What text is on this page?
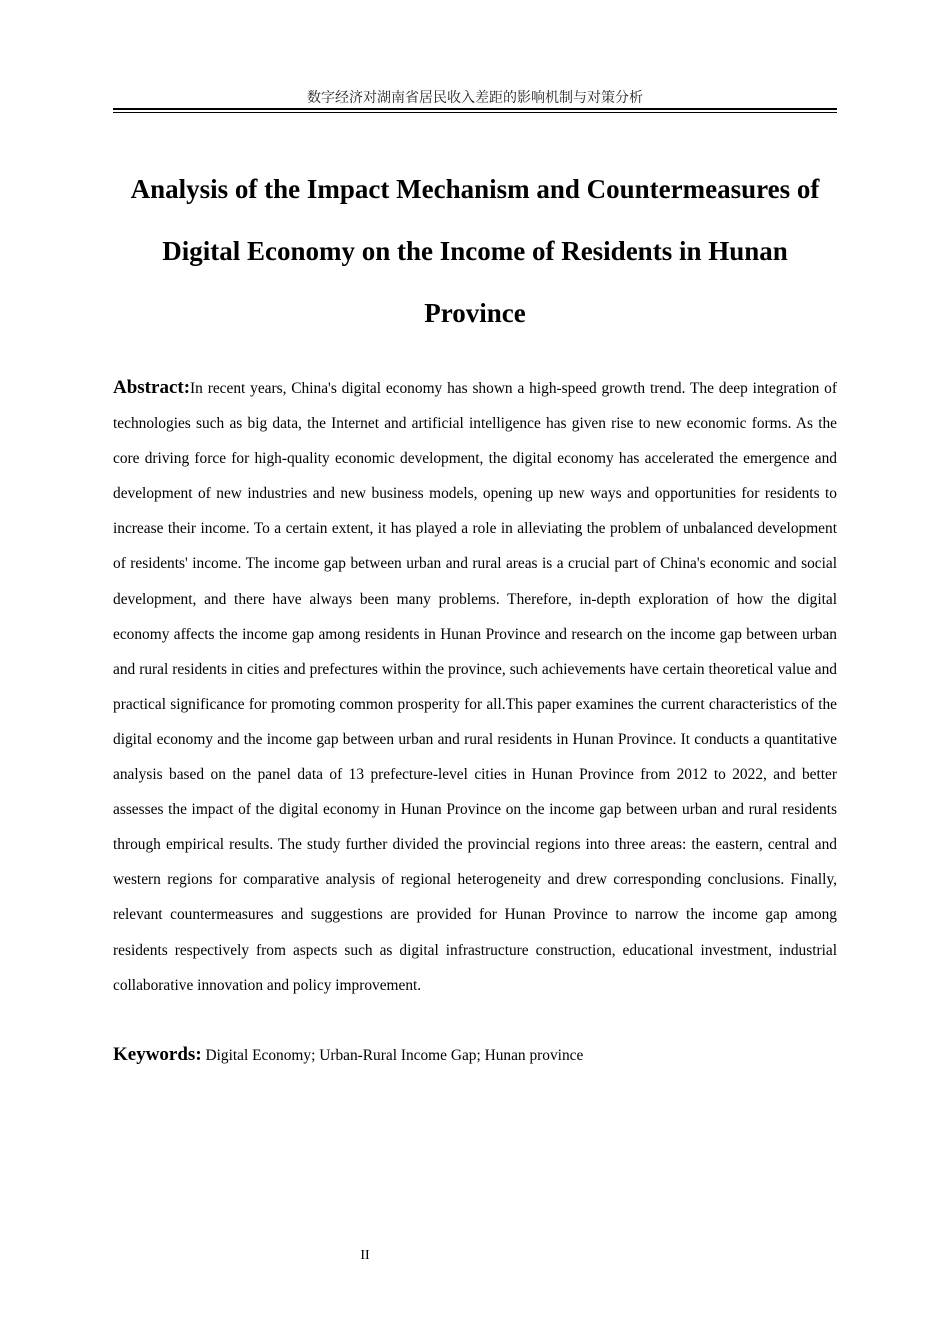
数字经济对湖南省居民收入差距的影响机制与对策分析
Analysis of the Impact Mechanism and Countermeasures of Digital Economy on the Income of Residents in Hunan Province

Abstract:In recent years, China's digital economy has shown a high-speed growth trend. The deep integration of technologies such as big data, the Internet and artificial intelligence has given rise to new economic forms. As the core driving force for high-quality economic development, the digital economy has accelerated the emergence and development of new industries and new business models, opening up new ways and opportunities for residents to increase their income. To a certain extent, it has played a role in alleviating the problem of unbalanced development of residents' income. The income gap between urban and rural areas is a crucial part of China's economic and social development, and there have always been many problems. Therefore, in-depth exploration of how the digital economy affects the income gap among residents in Hunan Province and research on the income gap between urban and rural residents in cities and prefectures within the province, such achievements have certain theoretical value and practical significance for promoting common prosperity for all.This paper examines the current characteristics of the digital economy and the income gap between urban and rural residents in Hunan Province. It conducts a quantitative analysis based on the panel data of 13 prefecture-level cities in Hunan Province from 2012 to 2022, and better assesses the impact of the digital economy in Hunan Province on the income gap between urban and rural residents through empirical results. The study further divided the provincial regions into three areas: the eastern, central and western regions for comparative analysis of regional heterogeneity and drew corresponding conclusions. Finally, relevant countermeasures and suggestions are provided for Hunan Province to narrow the income gap among residents respectively from aspects such as digital infrastructure construction, educational investment, industrial collaborative innovation and policy improvement.

Keywords: Digital Economy; Urban-Rural Income Gap; Hunan province

II
